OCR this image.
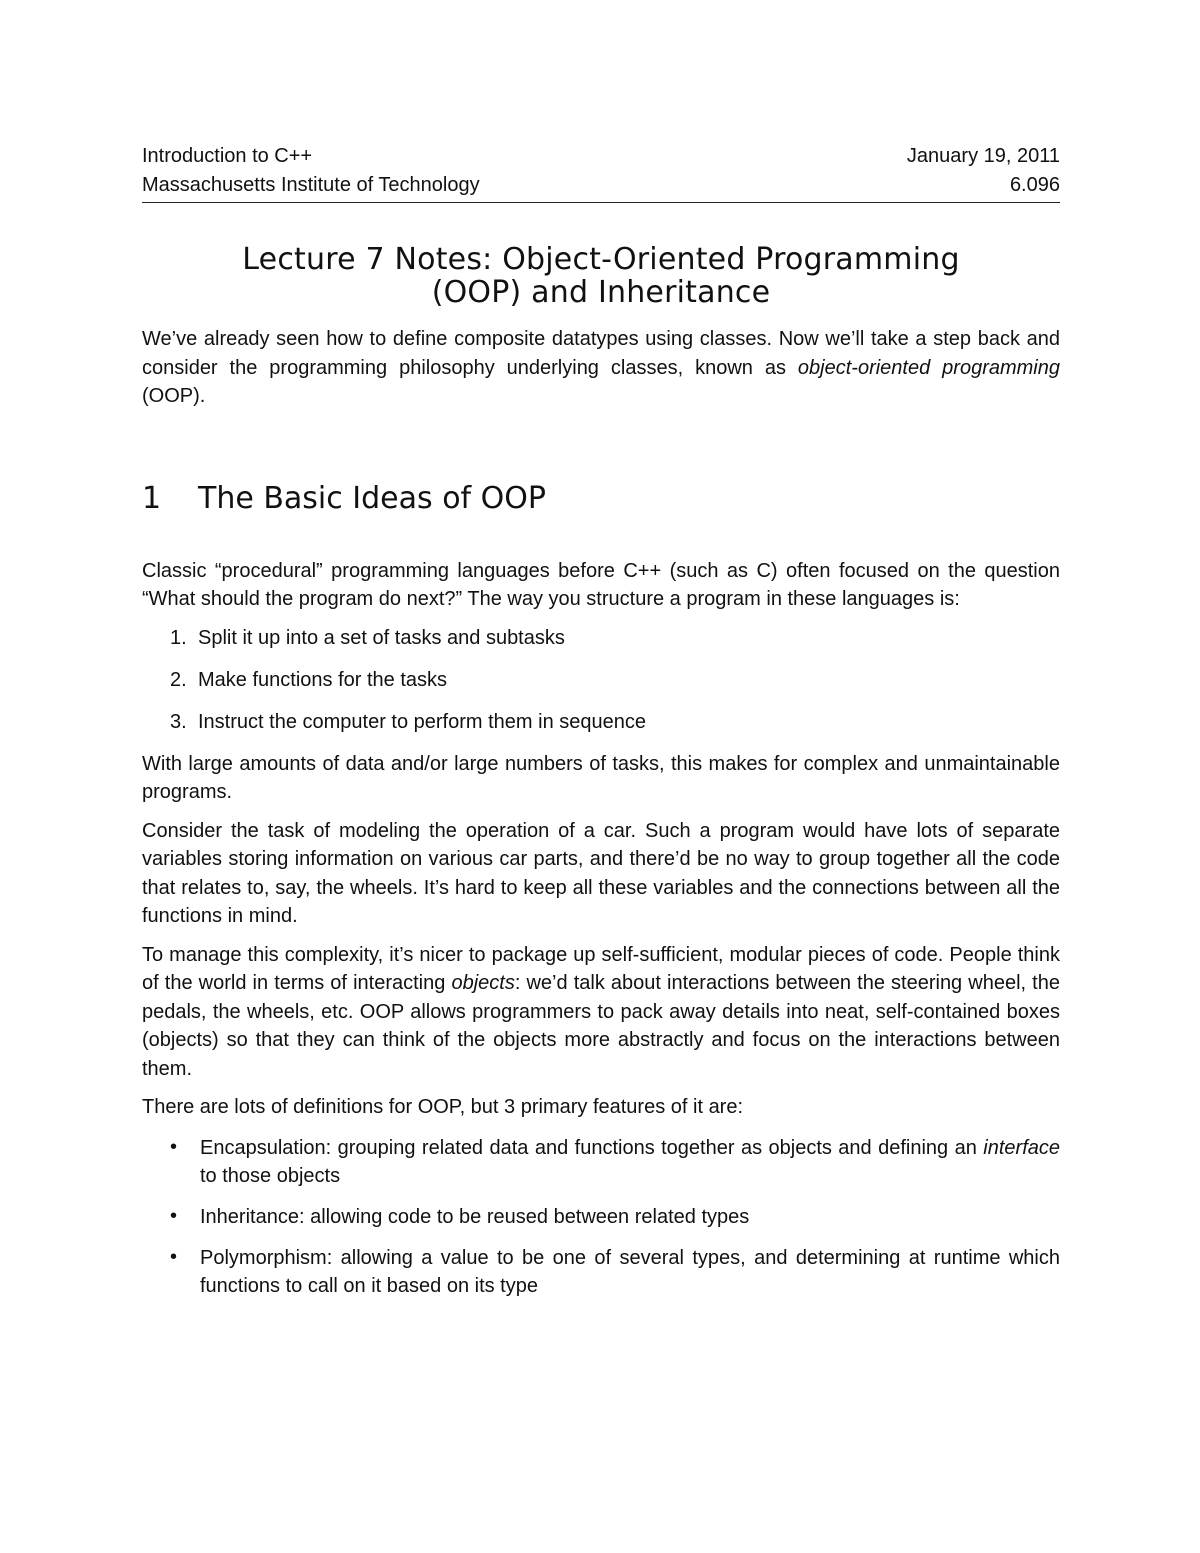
Introduction to C++	January 19, 2011
Massachusetts Institute of Technology	6.096
Lecture 7 Notes: Object-Oriented Programming
(OOP) and Inheritance

We’ve already seen how to define composite datatypes using classes. Now we’ll take a step back and consider the programming philosophy underlying classes, known as object-oriented programming (OOP).

1	The Basic Ideas of OOP

Classic “procedural” programming languages before C++ (such as C) often focused on the question “What should the program do next?” The way you structure a program in these languages is:

1. Split it up into a set of tasks and subtasks
2. Make functions for the tasks
3. Instruct the computer to perform them in sequence

With large amounts of data and/or large numbers of tasks, this makes for complex and unmaintainable programs.

Consider the task of modeling the operation of a car. Such a program would have lots of separate variables storing information on various car parts, and there’d be no way to group together all the code that relates to, say, the wheels. It’s hard to keep all these variables and the connections between all the functions in mind.

To manage this complexity, it’s nicer to package up self-sufficient, modular pieces of code. People think of the world in terms of interacting objects: we’d talk about interactions between the steering wheel, the pedals, the wheels, etc. OOP allows programmers to pack away details into neat, self-contained boxes (objects) so that they can think of the objects more abstractly and focus on the interactions between them.

There are lots of definitions for OOP, but 3 primary features of it are:

•
Encapsulation: grouping related data and functions together as objects and defining an interface to those objects
•
Inheritance: allowing code to be reused between related types
•
Polymorphism: allowing a value to be one of several types, and determining at runtime which functions to call on it based on its type
